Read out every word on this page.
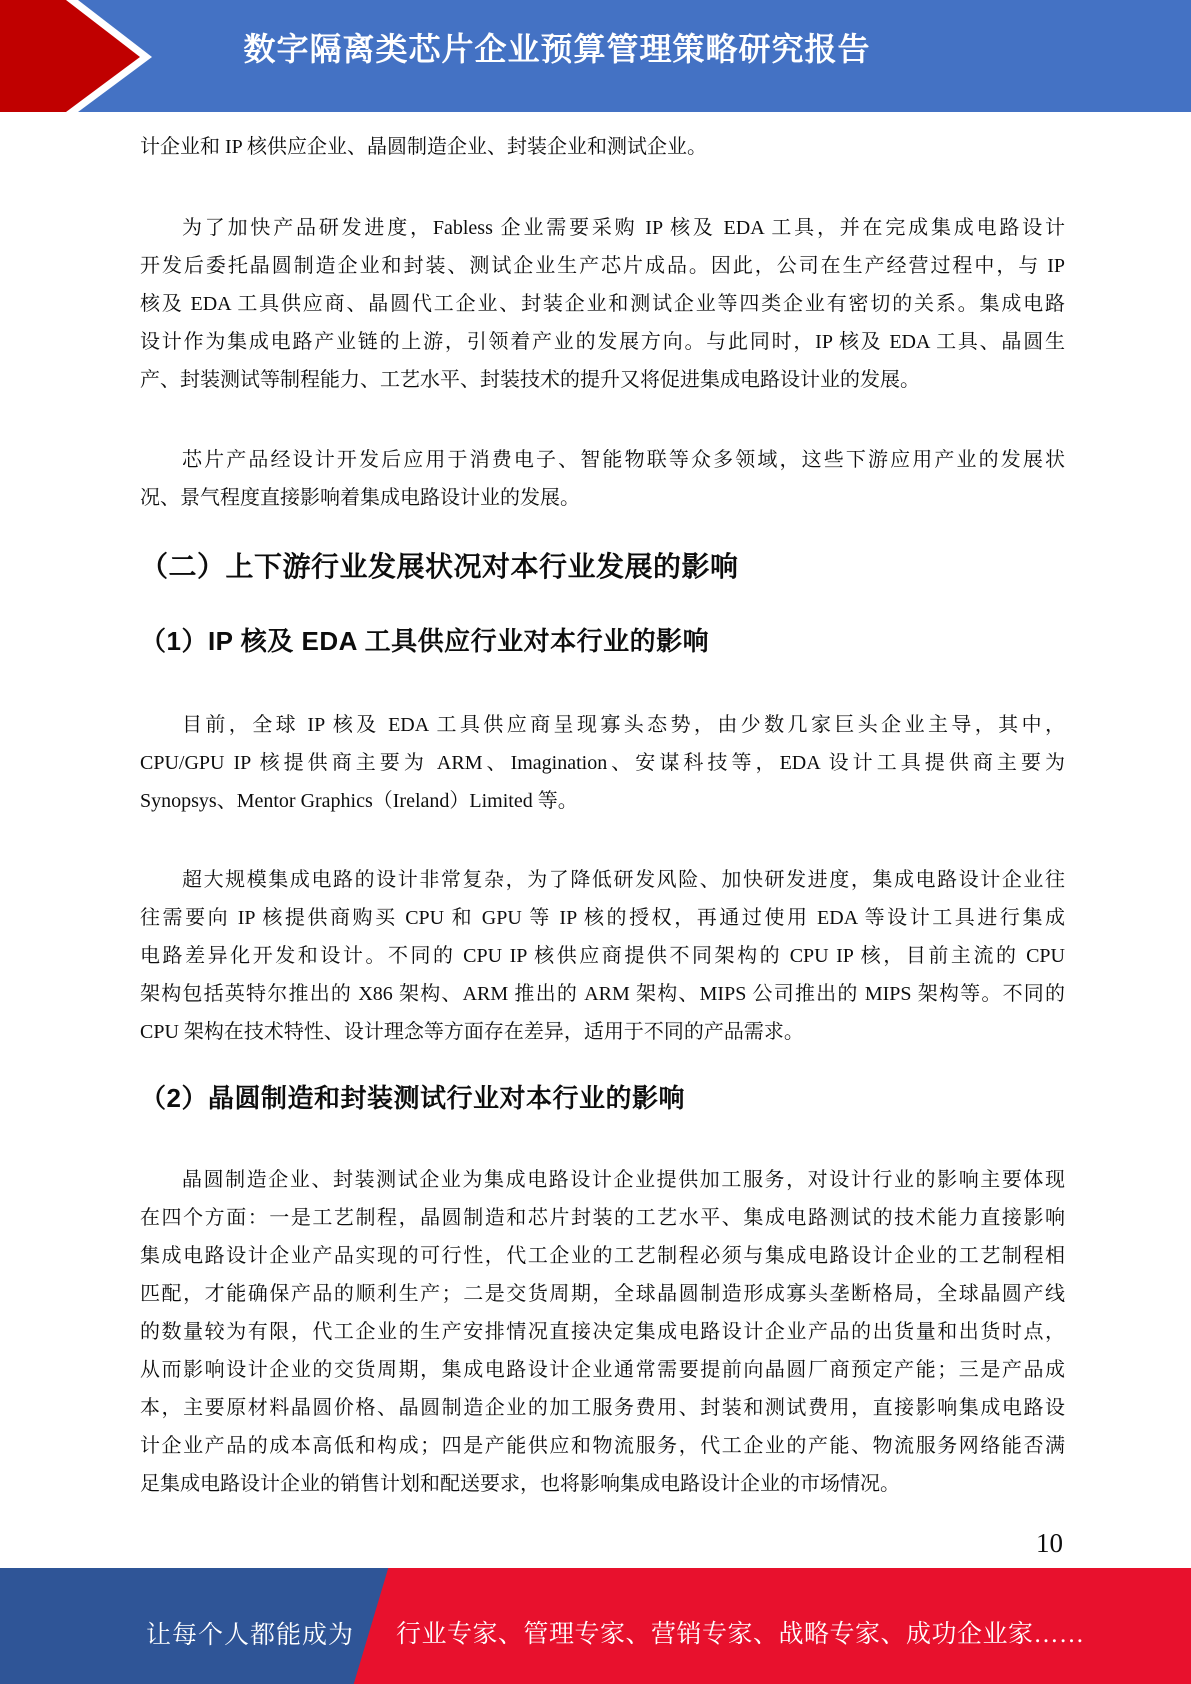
数字隔离类芯片企业预算管理策略研究报告
计企业和 IP 核供应企业、晶圆制造企业、封装企业和测试企业。
为了加快产品研发进度，Fabless 企业需要采购 IP 核及 EDA 工具，并在完成集成电路设计
开发后委托晶圆制造企业和封装、测试企业生产芯片成品。因此，公司在生产经营过程中，与 IP
核及 EDA 工具供应商、晶圆代工企业、封装企业和测试企业等四类企业有密切的关系。集成电路
设计作为集成电路产业链的上游，引领着产业的发展方向。与此同时，IP 核及 EDA 工具、晶圆生
产、封装测试等制程能力、工艺水平、封装技术的提升又将促进集成电路设计业的发展。
芯片产品经设计开发后应用于消费电子、智能物联等众多领域，这些下游应用产业的发展状
况、景气程度直接影响着集成电路设计业的发展。
（二）上下游行业发展状况对本行业发展的影响
（1）IP 核及 EDA 工具供应行业对本行业的影响
目前，全球 IP 核及 EDA 工具供应商呈现寡头态势，由少数几家巨头企业主导，其中，
CPU/GPU IP 核提供商主要为 ARM、Imagination、安谋科技等，EDA 设计工具提供商主要为
Synopsys、Mentor Graphics（Ireland）Limited 等。
超大规模集成电路的设计非常复杂，为了降低研发风险、加快研发进度，集成电路设计企业往
往需要向 IP 核提供商购买 CPU 和 GPU 等 IP 核的授权，再通过使用 EDA 等设计工具进行集成
电路差异化开发和设计。不同的 CPU IP 核供应商提供不同架构的 CPU IP 核，目前主流的 CPU
架构包括英特尔推出的 X86 架构、ARM 推出的 ARM 架构、MIPS 公司推出的 MIPS 架构等。不同的
CPU 架构在技术特性、设计理念等方面存在差异，适用于不同的产品需求。
（2）晶圆制造和封装测试行业对本行业的影响
晶圆制造企业、封装测试企业为集成电路设计企业提供加工服务，对设计行业的影响主要体现
在四个方面：一是工艺制程，晶圆制造和芯片封装的工艺水平、集成电路测试的技术能力直接影响
集成电路设计企业产品实现的可行性，代工企业的工艺制程必须与集成电路设计企业的工艺制程相
匹配，才能确保产品的顺利生产；二是交货周期，全球晶圆制造形成寡头垄断格局，全球晶圆产线
的数量较为有限，代工企业的生产安排情况直接决定集成电路设计企业产品的出货量和出货时点，
从而影响设计企业的交货周期，集成电路设计企业通常需要提前向晶圆厂商预定产能；三是产品成
本，主要原材料晶圆价格、晶圆制造企业的加工服务费用、封装和测试费用，直接影响集成电路设
计企业产品的成本高低和构成；四是产能供应和物流服务，代工企业的产能、物流服务网络能否满
足集成电路设计企业的销售计划和配送要求，也将影响集成电路设计企业的市场情况。
10
让每个人都能成为 行业专家、管理专家、营销专家、战略专家、成功企业家……
